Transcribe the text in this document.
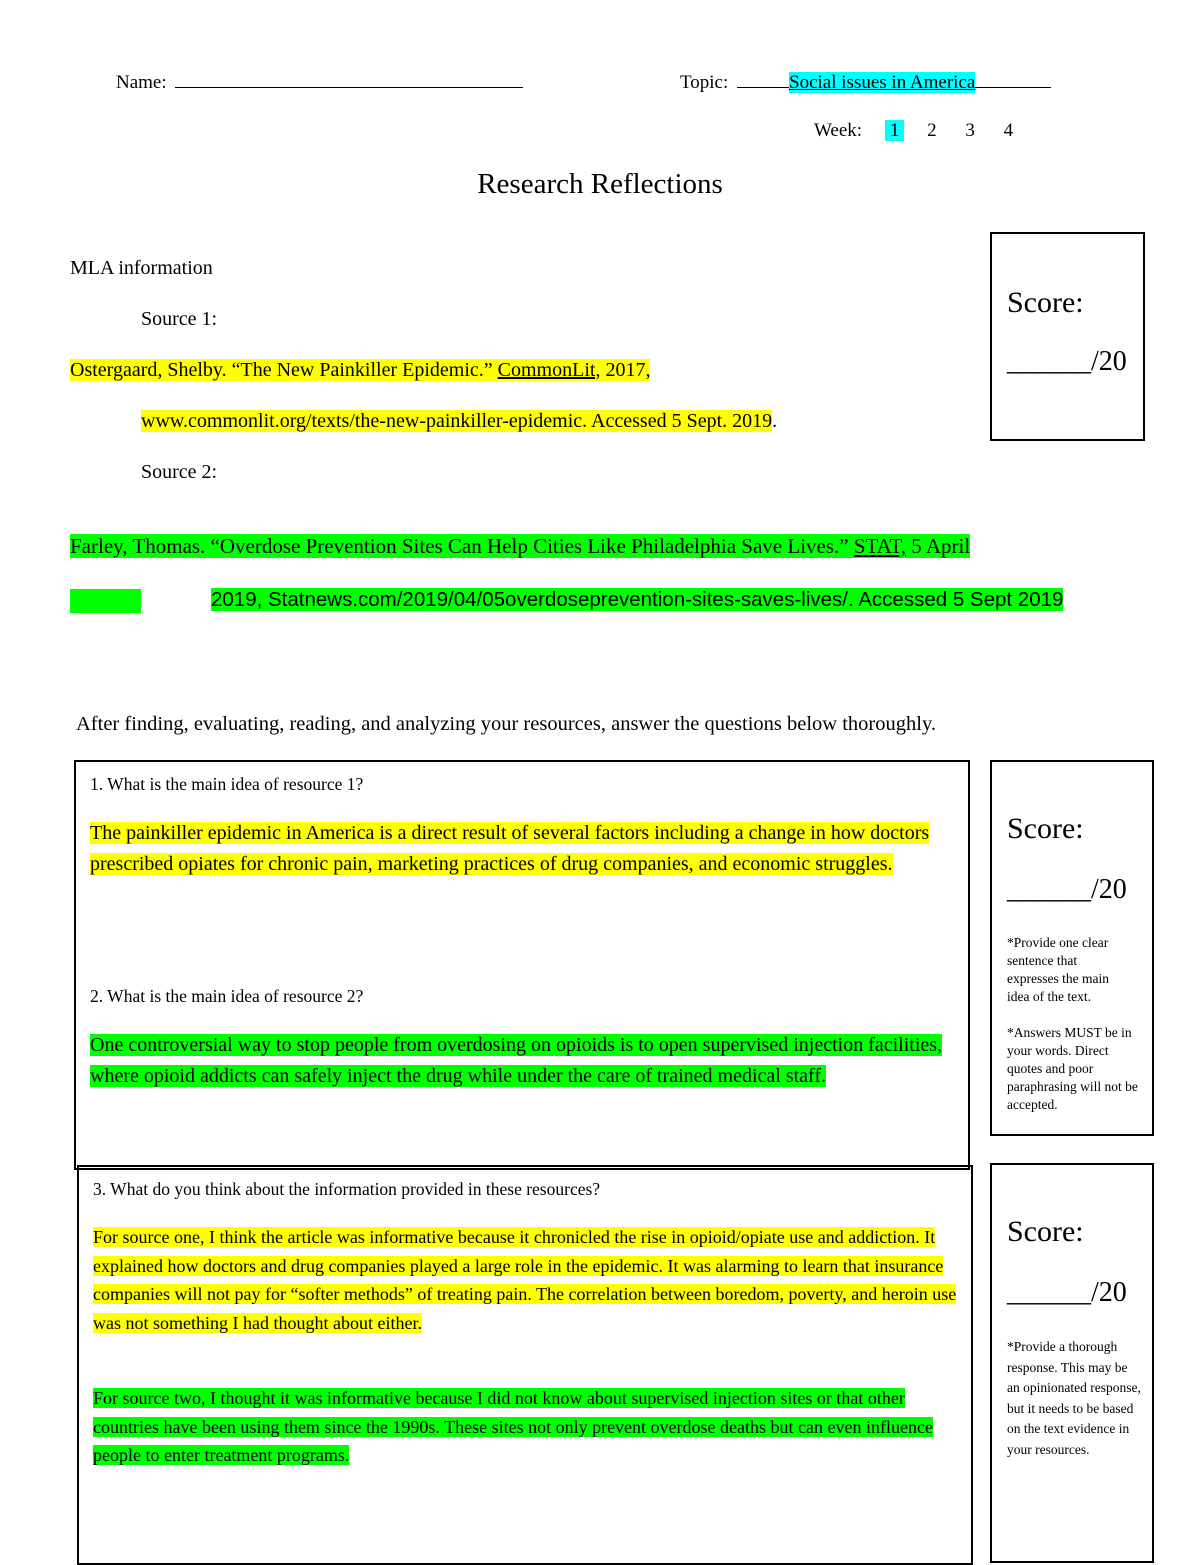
Name:	Topic:	Social issues in America
Week: 1 2 3 4
Research Reflections
MLA information
Source 1:
Ostergaard, Shelby. “The New Painkiller Epidemic.” CommonLit, 2017,
www.commonlit.org/texts/the-new-painkiller-epidemic. Accessed 5 Sept. 2019.
Source 2:
Farley, Thomas. “Overdose Prevention Sites Can Help Cities Like Philadelphia Save Lives.” STAT, 5 April
2019, Statnews.com/2019/04/05overdoseprevention-sites-saves-lives/. Accessed 5 Sept 2019
Score:
______/20
After finding, evaluating, reading, and analyzing your resources, answer the questions below thoroughly.
1. What is the main idea of resource 1?
The painkiller epidemic in America is a direct result of several factors including a change in how doctors prescribed opiates for chronic pain, marketing practices of drug companies, and economic struggles.
2. What is the main idea of resource 2?
One controversial way to stop people from overdosing on opioids is to open supervised injection facilities, where opioid addicts can safely inject the drug while under the care of trained medical staff.
Score:
______/20
*Provide one clear sentence that expresses the main idea of the text.
*Answers MUST be in your words. Direct quotes and poor paraphrasing will not be accepted.
3. What do you think about the information provided in these resources?
For source one, I think the article was informative because it chronicled the rise in opioid/opiate use and addiction. It explained how doctors and drug companies played a large role in the epidemic. It was alarming to learn that insurance companies will not pay for “softer methods” of treating pain. The correlation between boredom, poverty, and heroin use was not something I had thought about either.
For source two, I thought it was informative because I did not know about supervised injection sites or that other countries have been using them since the 1990s. These sites not only prevent overdose deaths but can even influence people to enter treatment programs.
Score:
______/20
*Provide a thorough response. This may be an opinionated response, but it needs to be based on the text evidence in your resources.
